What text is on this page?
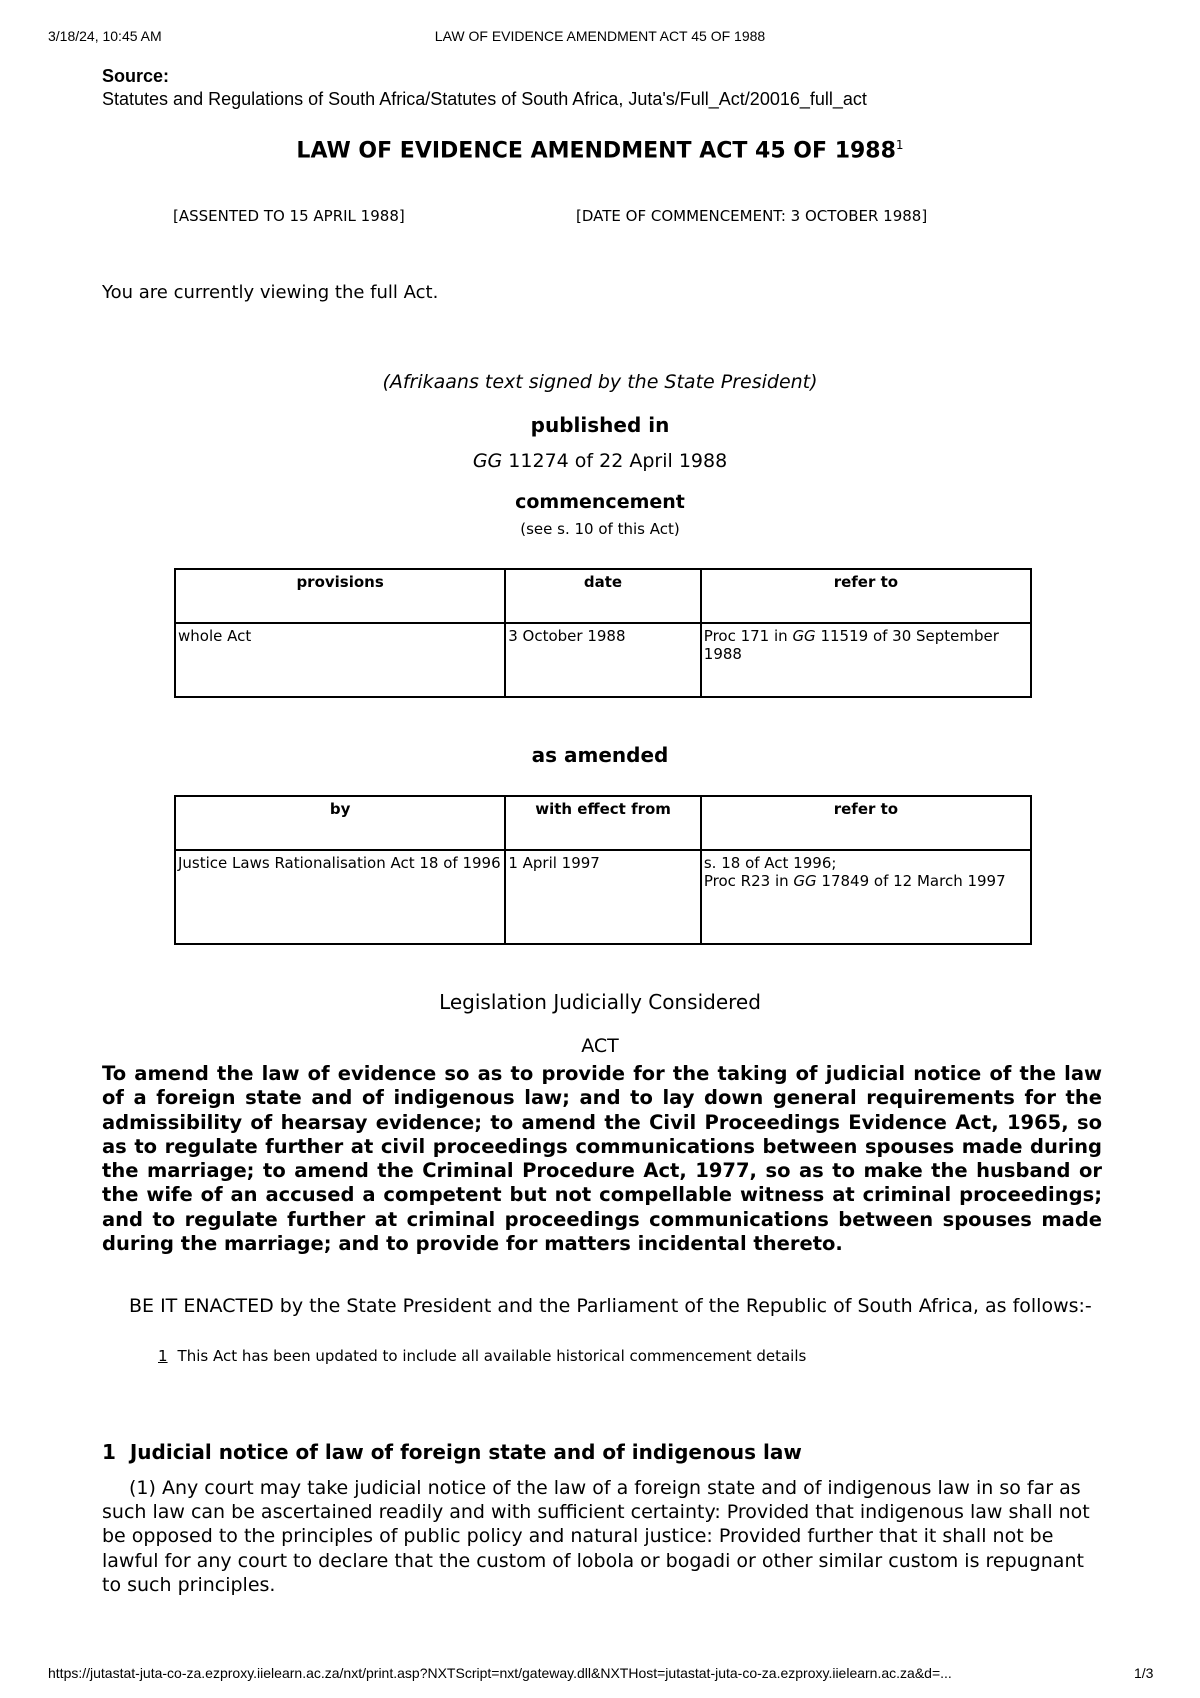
3/18/24, 10:45 AM	LAW OF EVIDENCE AMENDMENT ACT 45 OF 1988
Source:
Statutes and Regulations of South Africa/Statutes of South Africa, Juta's/Full_Act/20016_full_act
LAW OF EVIDENCE AMENDMENT ACT 45 OF 1988$^1$
[ASSENTED TO 15 APRIL 1988]	[DATE OF COMMENCEMENT: 3 OCTOBER 1988]
You are currently viewing the full Act.
(Afrikaans text signed by the State President)
published in
GG 11274 of 22 April 1988
commencement
(see s. 10 of this Act)
provisions	date	refer to
whole Act	3 October 1988	Proc 171 in GG 11519 of 30 September 1988
as amended
by	with effect from	refer to
Justice Laws Rationalisation Act 18 of 1996	1 April 1997	s. 18 of Act 1996;
Proc R23 in GG 17849 of 12 March 1997
Legislation Judicially Considered
ACT

To amend the law of evidence so as to provide for the taking of judicial notice of the law of a foreign state and of indigenous law; and to lay down general requirements for the admissibility of hearsay evidence; to amend the Civil Proceedings Evidence Act, 1965, so as to regulate further at civil proceedings communications between spouses made during the marriage; to amend the Criminal Procedure Act, 1977, so as to make the husband or the wife of an accused a competent but not compellable witness at criminal proceedings; and to regulate further at criminal proceedings communications between spouses made during the marriage; and to provide for matters incidental thereto.

BE IT ENACTED by the State President and the Parliament of the Republic of South Africa, as follows:-

1 This Act has been updated to include all available historical commencement details
1  Judicial notice of law of foreign state and of indigenous law

(1) Any court may take judicial notice of the law of a foreign state and of indigenous law in so far as such law can be ascertained readily and with sufficient certainty: Provided that indigenous law shall not be opposed to the principles of public policy and natural justice: Provided further that it shall not be lawful for any court to declare that the custom of lobola or bogadi or other similar custom is repugnant to such principles.

https://jutastat-juta-co-za.ezproxy.iielearn.ac.za/nxt/print.asp?NXTScript=nxt/gateway.dll&NXTHost=jutastat-juta-co-za.ezproxy.iielearn.ac.za&d=...	1/3
